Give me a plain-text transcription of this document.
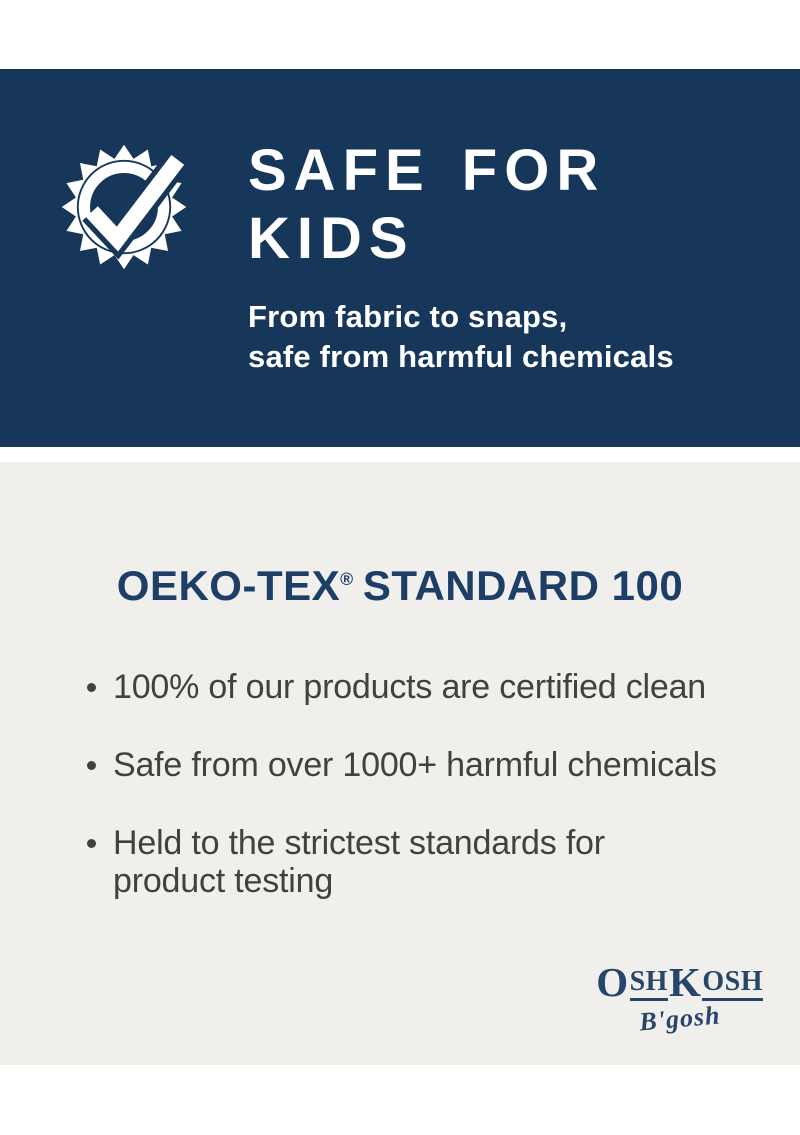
SAFE FOR
KIDS
From fabric to snaps,
safe from harmful chemicals
OEKO-TEX® STANDARD 100
100% of our products are certified clean
Safe from over 1000+ harmful chemicals
Held to the strictest standards for
product testing
O SH K OSH
B'gosh
